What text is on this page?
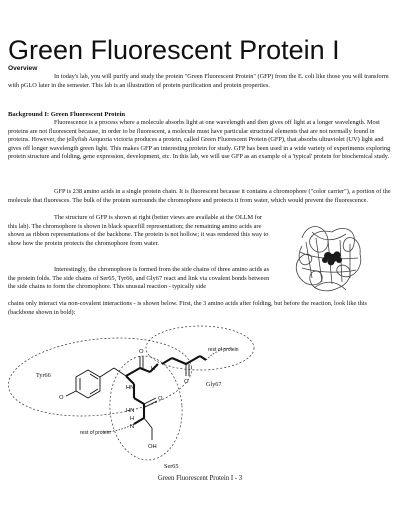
Green Fluorescent Protein I
Overview

In today's lab, you will purify and study the protein "Green Fluorescent Protein" (GFP) from the E. coli like those you will transform with pGLO later in the semester. This lab is an illustration of protein purification and protein properties.

Background I: Green Fluorescent Protein

Fluorescence is a process where a molecule absorbs light at one wavelength and then gives off light at a longer wavelength. Most proteins are not fluorescent because, in order to be fluorescent, a molecule must have particular structural elements that are not normally found in proteins. However, the jellyfish Aequoria victoria produces a protein, called Green Fluorescent Protein (GFP), that absorbs ultraviolet (UV) light and gives off longer wavelength green light. This makes GFP an interesting protein for study. GFP has been used in a wide variety of experiments exploring protein structure and folding, gene expression, development, etc. In this lab, we will use GFP as an example of a 'typical' protein for biochemical study.

GFP is 238 amino acids in a single protein chain. It is fluorescent because it contains a chromophore ("color carrier"), a portion of the molecule that fluoresces. The bulk of the protein surrounds the chromophore and protects it from water, which would prevent the fluorescence.

The structure of GFP is shown at right (better views are available at the OLLM for this lab). The chromophore is shown in black spacefill representation; the remaining amino acids are shown as ribbon representations of the backbone. The protein is not hollow; it was rendered this way to show how the protein protects the chromophore from water.

Interestingly, the chromophore is formed from the side chains of three amino acids as the protein folds. The side chains of Ser65, Tyr66, and Gly67 react and link via covalent bonds between the side chains to form the chromophore. This unusual reaction - typically side

chains only interact via non-covalent interactions - is shown below. First, the 3 amino acids after folding, but before the reaction, look like this (backbone shown in bold):

O
O
H
O
HN
O
HN
H
N
OH
rest of protein
rest of protein
Tyr66
Gly67
Ser65
Green Fluorescent Protein I - 3
